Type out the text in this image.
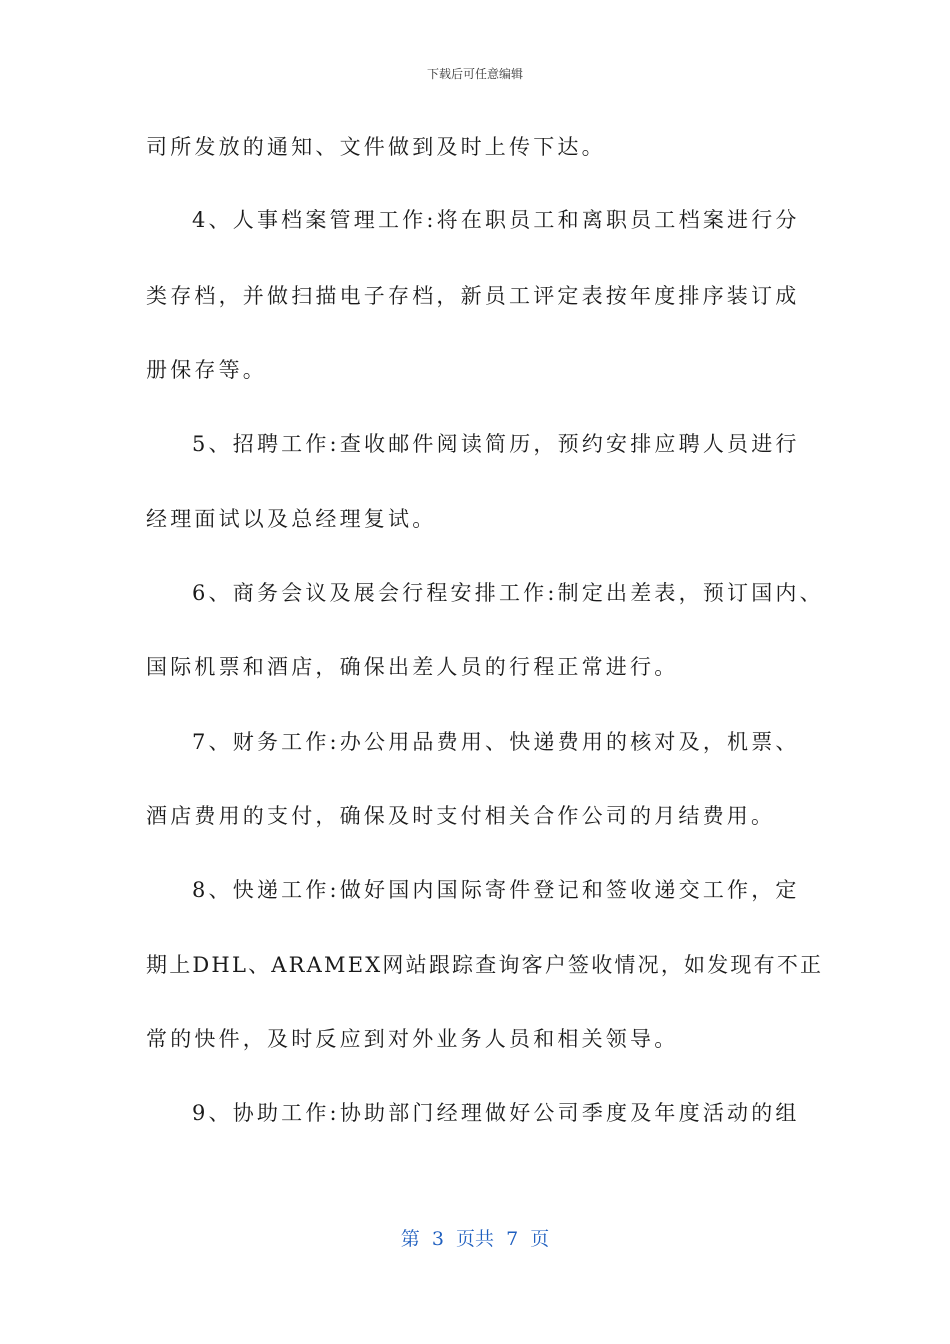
下载后可任意编辑
司所发放的通知、文件做到及时上传下达。
4、人事档案管理工作:将在职员工和离职员工档案进行分
类存档，并做扫描电子存档，新员工评定表按年度排序装订成
册保存等。
5、招聘工作:查收邮件阅读简历，预约安排应聘人员进行
经理面试以及总经理复试。
6、商务会议及展会行程安排工作:制定出差表，预订国内、
国际机票和酒店，确保出差人员的行程正常进行。
7、财务工作:办公用品费用、快递费用的核对及，机票、
酒店费用的支付，确保及时支付相关合作公司的月结费用。
8、快递工作:做好国内国际寄件登记和签收递交工作，定
期上DHL、ARAMEX网站跟踪查询客户签收情况，如发现有不正
常的快件，及时反应到对外业务人员和相关领导。
9、协助工作:协助部门经理做好公司季度及年度活动的组
第  3  页共  7  页
